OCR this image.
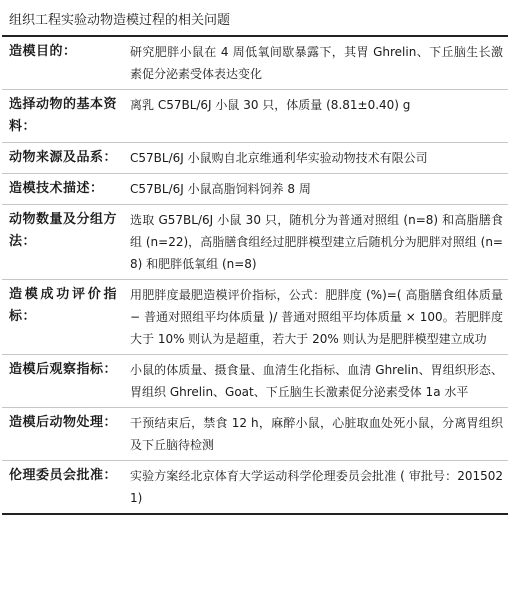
组织工程实验动物造模过程的相关问题
造模目的：	研究肥胖小鼠在 4 周低氧间歇暴露下，其胃 Ghrelin、下丘脑生长激素促分泌素受体表达变化
选择动物的基本资料：	离乳 C57BL/6J 小鼠 30 只，体质量 (8.81±0.40) g
动物来源及品系：	C57BL/6J 小鼠购自北京维通利华实验动物技术有限公司
造模技术描述：	C57BL/6J 小鼠高脂饲料饲养 8 周
动物数量及分组方法：	选取 G57BL/6J 小鼠 30 只，随机分为普通对照组 (n=8) 和高脂膳食组 (n=22)，高脂膳食组经过肥胖模型建立后随机分为肥胖对照组 (n=8) 和肥胖低氧组 (n=8)
造模成功评价指标：	用肥胖度最肥造模评价指标，公式：肥胖度 (%)=( 高脂膳食组体质量 − 普通对照组平均体质量 )/ 普通对照组平均体质量 × 100。若肥胖度大于 10% 则认为是超重，若大于 20% 则认为是肥胖模型建立成功
造模后观察指标：	小鼠的体质量、摄食量、血清生化指标、血清 Ghrelin、胃组织形态、胃组织 Ghrelin、Goat、下丘脑生长激素促分泌素受体 1a 水平
造模后动物处理：	干预结束后，禁食 12 h，麻醉小鼠，心脏取血处死小鼠，分离胃组织及下丘脑待检测
伦理委员会批准：	实验方案经北京体育大学运动科学伦理委员会批准 ( 审批号：2015021)
